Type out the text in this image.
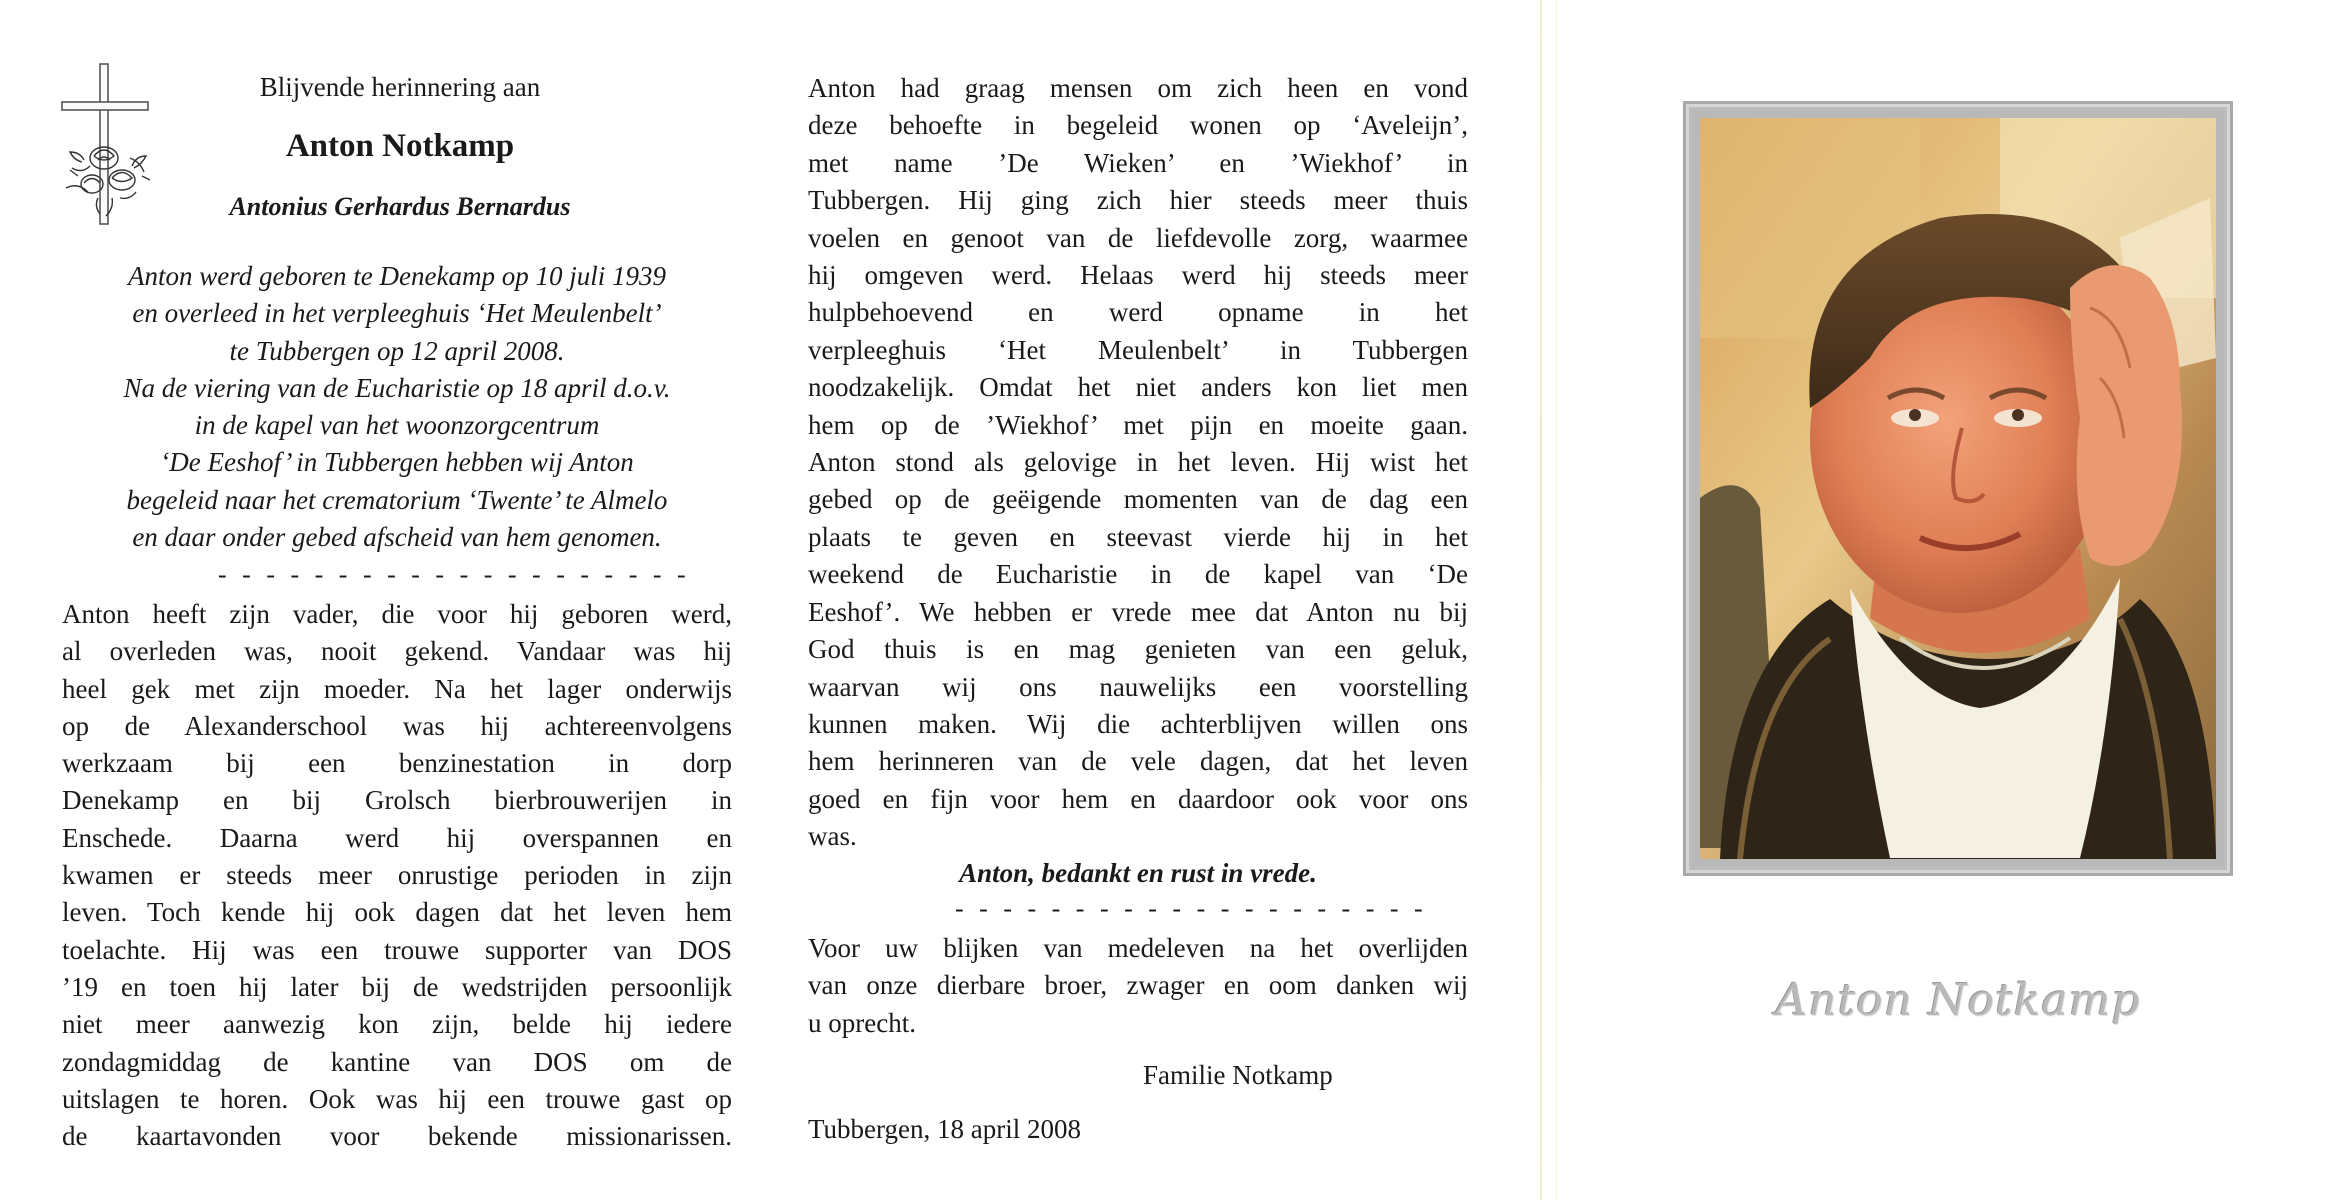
Blijvende herinnering aan
Anton Notkamp
Antonius Gerhardus Bernardus
Anton werd geboren te Denekamp op 10 juli 1939
en overleed in het verpleeghuis ‘Het Meulenbelt’
te Tubbergen op 12 april 2008.
Na de viering van de Eucharistie op 18 april d.o.v.
in de kapel van het woonzorgcentrum
‘De Eeshof’ in Tubbergen hebben wij Anton
begeleid naar het crematorium ‘Twente’ te Almelo
en daar onder gebed afscheid van hem genomen.
- - - - - - - - - - - - - - - - - - - -
Anton heeft zijn vader, die voor hij geboren werd,
al overleden was, nooit gekend. Vandaar was hij
heel gek met zijn moeder. Na het lager onderwijs
op de Alexanderschool was hij achtereenvolgens
werkzaam bij een benzinestation in dorp
Denekamp en bij Grolsch bierbrouwerijen in
Enschede. Daarna werd hij overspannen en
kwamen er steeds meer onrustige perioden in zijn
leven. Toch kende hij ook dagen dat het leven hem
toelachte. Hij was een trouwe supporter van DOS
’19 en toen hij later bij de wedstrijden persoonlijk
niet meer aanwezig kon zijn, belde hij iedere
zondagmiddag de kantine van DOS om de
uitslagen te horen. Ook was hij een trouwe gast op
de kaartavonden voor bekende missionarissen.
Anton had graag mensen om zich heen en vond
deze behoefte in begeleid wonen op ‘Aveleijn’,
met name ’De Wieken’ en ’Wiekhof’ in
Tubbergen. Hij ging zich hier steeds meer thuis
voelen en genoot van de liefdevolle zorg, waarmee
hij omgeven werd. Helaas werd hij steeds meer
hulpbehoevend en werd opname in het
verpleeghuis ‘Het Meulenbelt’ in Tubbergen
noodzakelijk. Omdat het niet anders kon liet men
hem op de ’Wiekhof’ met pijn en moeite gaan.
Anton stond als gelovige in het leven. Hij wist het
gebed op de geëigende momenten van de dag een
plaats te geven en steevast vierde hij in het
weekend de Eucharistie in de kapel van ‘De
Eeshof’. We hebben er vrede mee dat Anton nu bij
God thuis is en mag genieten van een geluk,
waarvan wij ons nauwelijks een voorstelling
kunnen maken. Wij die achterblijven willen ons
hem herinneren van de vele dagen, dat het leven
goed en fijn voor hem en daardoor ook voor ons
was.
Anton, bedankt en rust in vrede.
- - - - - - - - - - - - - - - - - - - -
Voor uw blijken van medeleven na het overlijden
van onze dierbare broer, zwager en oom danken wij
u oprecht.
Familie Notkamp
Tubbergen, 18 april 2008
Anton Notkamp
